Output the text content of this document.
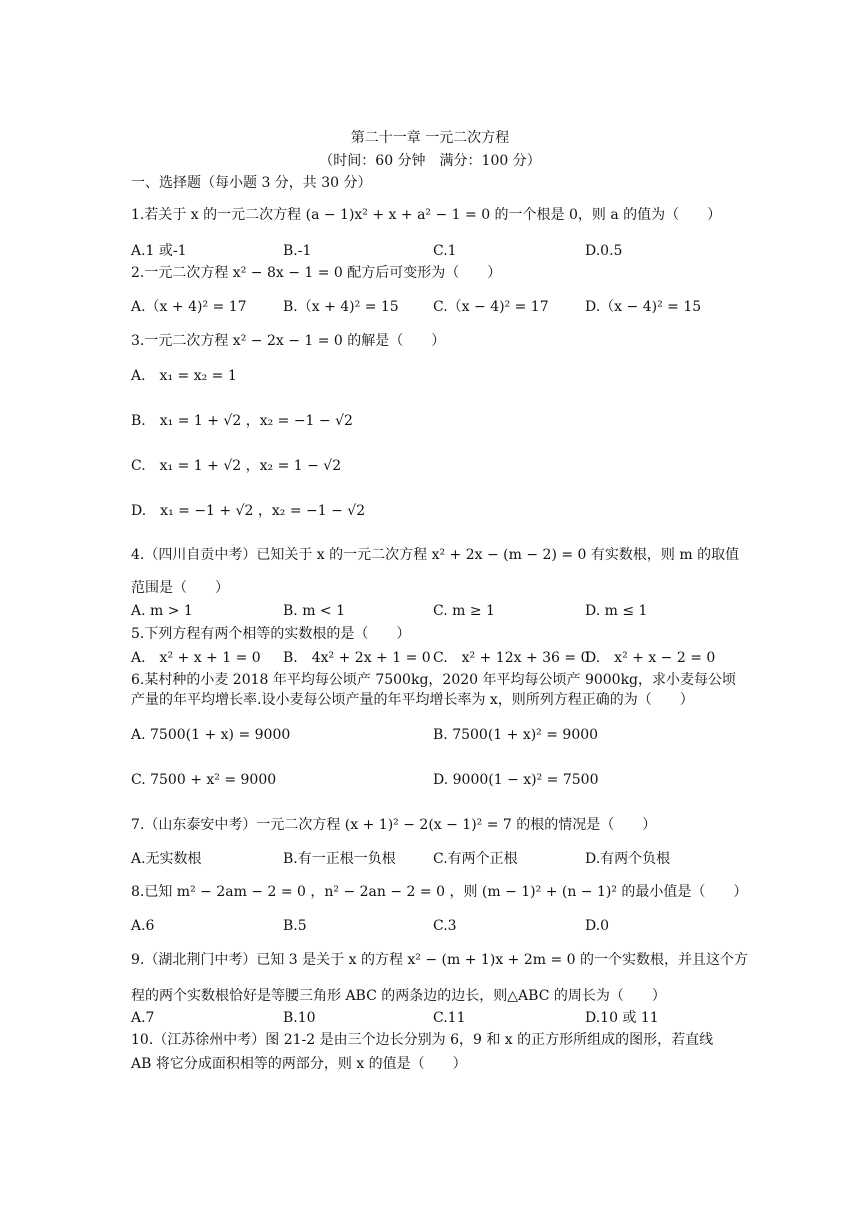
第二十一章 一元二次方程
（时间：60 分钟　满分：100 分）
一、选择题（每小题 3 分，共 30 分）
1.若关于 x 的一元二次方程 (a − 1)x² + x + a² − 1 = 0 的一个根是 0，则 a 的值为（　　）
A.1 或-1	B.-1	C.1	D.0.5
2.一元二次方程 x² − 8x − 1 = 0 配方后可变形为（　　）
A.（x + 4)² = 17	B.（x + 4)² = 15 C.（x − 4)² = 17	D.（x − 4)² = 15
3.一元二次方程 x² − 2x − 1 = 0 的解是（　　）
A.　x₁ = x₂ = 1
B.　x₁ = 1 + √2 ，x₂ = −1 − √2
C.　x₁ = 1 + √2 ，x₂ = 1 − √2
D.　x₁ = −1 + √2 ，x₂ = −1 − √2
4.（四川自贡中考）已知关于 x 的一元二次方程 x² + 2x − (m − 2) = 0 有实数根，则 m 的取值
范围是（　　）
A. m > 1	B. m < 1	C. m ≥ 1	D. m ≤ 1
5.下列方程有两个相等的实数根的是（　　）
A.　x² + x + 1 = 0 B.　4x² + 2x + 1 = 0 C.　x² + 12x + 36 = 0
D.　x² + x − 2 = 0
6.某村种的小麦 2018 年平均每公顷产 7500kg，2020 年平均每公顷产 9000kg，求小麦每公顷
产量的年平均增长率.设小麦每公顷产量的年平均增长率为 x，则所列方程正确的为（　　）
A. 7500(1 + x) = 9000	B. 7500(1 + x)² = 9000
C. 7500 + x² = 9000	D. 9000(1 − x)² = 7500
7.（山东泰安中考）一元二次方程 (x + 1)² − 2(x − 1)² = 7 的根的情况是（　　）
A.无实数根	B.有一正根一负根	C.有两个正根	D.有两个负根
8.已知 m² − 2am − 2 = 0 ，n² − 2an − 2 = 0 ，则 (m − 1)² + (n − 1)² 的最小值是（　　）
A.6	B.5	C.3	D.0
9.（湖北荆门中考）已知 3 是关于 x 的方程 x² − (m + 1)x + 2m = 0 的一个实数根，并且这个方
程的两个实数根恰好是等腰三角形 ABC 的两条边的边长，则△ABC 的周长为（　　）
A.7	B.10	C.11	D.10 或 11
10.（江苏徐州中考）图 21-2 是由三个边长分别为 6，9 和 x 的正方形所组成的图形，若直线
AB 将它分成面积相等的两部分，则 x 的值是（　　）
